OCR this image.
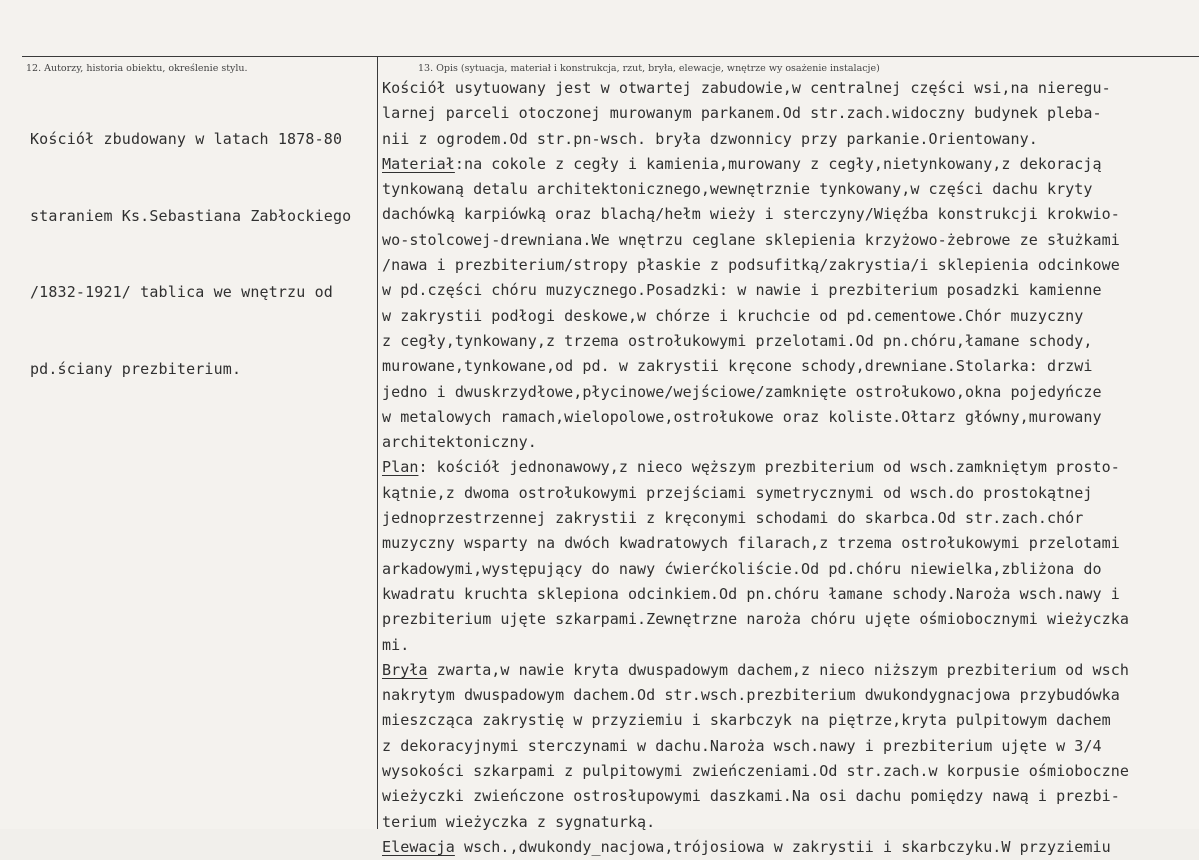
12. Autorzy, historia obiektu, określenie stylu.	13. Opis (sytuacja, materiał i konstrukcja, rzut, bryła, elewacje, wnętrze wy osażenie instalacje)

Kościół zbudowany w latach 1878-80

staraniem Ks.Sebastiana Zabłockiego

/1832-1921/ tablica we wnętrzu od

pd.ściany prezbiterium.

Kościół usytuowany jest w otwartej zabudowie,w centralnej części wsi,na nieregu-
larnej parceli otoczonej murowanym parkanem.Od str.zach.widoczny budynek pleba-
nii z ogrodem.Od str.pn-wsch. bryła dzwonnicy przy parkanie.Orientowany.
Materiał:na cokole z cegły i kamienia,murowany z cegły,nietynkowany,z dekoracją
tynkowaną detalu architektonicznego,wewnętrznie tynkowany,w części dachu kryty
dachówką karpiówką oraz blachą/hełm wieży i sterczyny/Więźba konstrukcji krokwio-
wo-stolcowej-drewniana.We wnętrzu ceglane sklepienia krzyżowo-żebrowe ze służkami
/nawa i prezbiterium/stropy płaskie z podsufitką/zakrystia/i sklepienia odcinkowe
w pd.części chóru muzycznego.Posadzki: w nawie i prezbiterium posadzki kamienne
w zakrystii podłogi deskowe,w chórze i kruchcie od pd.cementowe.Chór muzyczny
z cegły,tynkowany,z trzema ostrołukowymi przelotami.Od pn.chóru,łamane schody,
murowane,tynkowane,od pd. w zakrystii kręcone schody,drewniane.Stolarka: drzwi
jedno i dwuskrzydłowe,płycinowe/wejściowe/zamknięte ostrołukowo,okna pojedyńcze
w metalowych ramach,wielopolowe,ostrołukowe oraz koliste.Ołtarz główny,murowany
architektoniczny.
Plan: kościół jednonawowy,z nieco węższym prezbiterium od wsch.zamkniętym prosto-
kątnie,z dwoma ostrołukowymi przejściami symetrycznymi od wsch.do prostokątnej
jednoprzestrzennej zakrystii z kręconymi schodami do skarbca.Od str.zach.chór
muzyczny wsparty na dwóch kwadratowych filarach,z trzema ostrołukowymi przelotami
arkadowymi,występujący do nawy ćwierćkoliście.Od pd.chóru niewielka,zbliżona do
kwadratu kruchta sklepiona odcinkiem.Od pn.chóru łamane schody.Naroża wsch.nawy i
prezbiterium ujęte szkarpami.Zewnętrzne naroża chóru ujęte ośmiobocznymi wieżyczka
mi.
Bryła zwarta,w nawie kryta dwuspadowym dachem,z nieco niższym prezbiterium od wsch
nakrytym dwuspadowym dachem.Od str.wsch.prezbiterium dwukondygnacjowa przybudówka
mieszcząca zakrystię w przyziemiu i skarbczyk na piętrze,kryta pulpitowym dachem
z dekoracyjnymi sterczynami w dachu.Naroża wsch.nawy i prezbiterium ujęte w 3/4
wysokości szkarpami z pulpitowymi zwieńczeniami.Od str.zach.w korpusie ośmioboczne
wieżyczki zwieńczone ostrosłupowymi daszkami.Na osi dachu pomiędzy nawą i prezbi-
terium wieżyczka z sygnaturką.
Elewacja wsch.,dwukondy_nacjowa,trójosiowa w zakrystii i skarbczyku.W przyziemiu
